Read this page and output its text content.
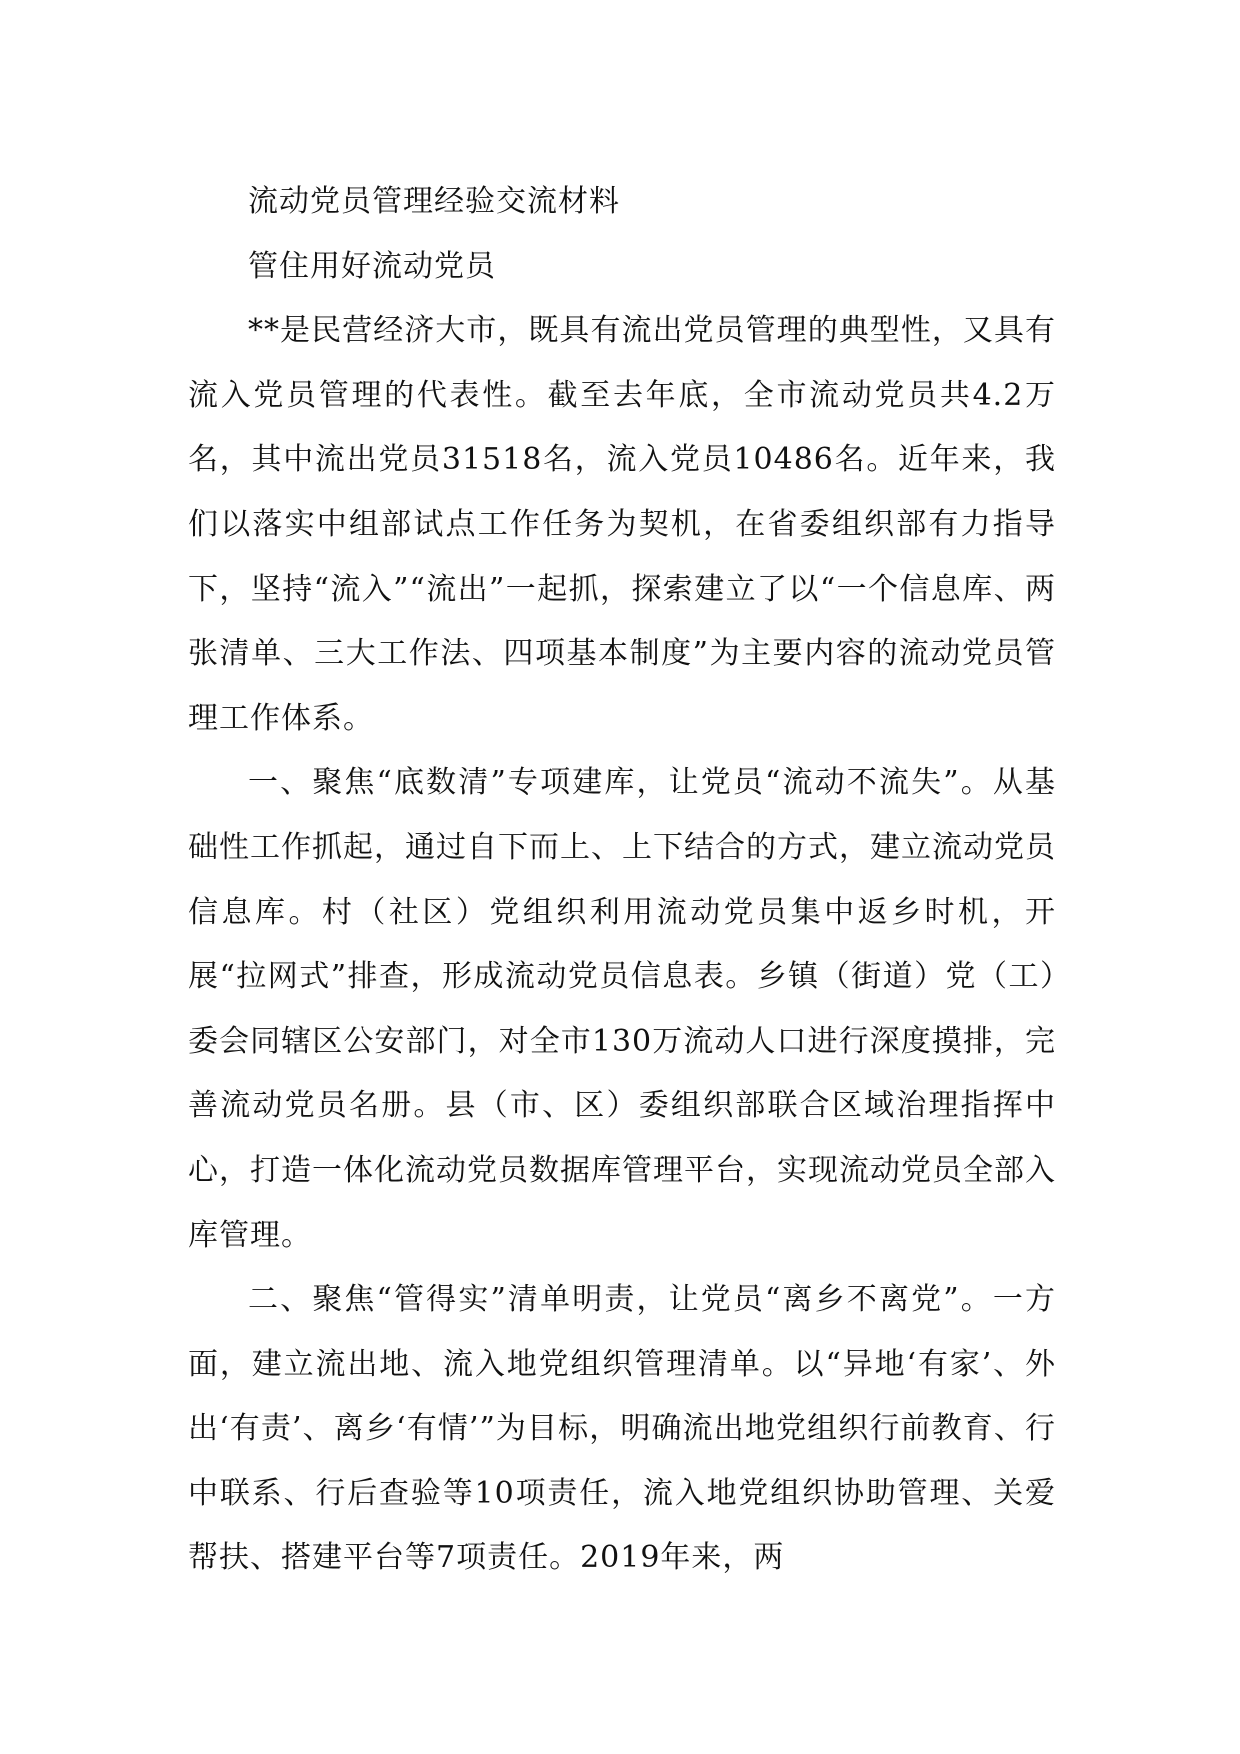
流动党员管理经验交流材料

管住用好流动党员

**是民营经济大市，既具有流出党员管理的典型性，又具有流入党员管理的代表性。截至去年底，全市流动党员共4.2万名，其中流出党员31518名，流入党员10486名。近年来，我们以落实中组部试点工作任务为契机，在省委组织部有力指导下，坚持“流入”“流出”一起抓，探索建立了以“一个信息库、两张清单、三大工作法、四项基本制度”为主要内容的流动党员管理工作体系。

一、聚焦“底数清”专项建库，让党员“流动不流失”。从基础性工作抓起，通过自下而上、上下结合的方式，建立流动党员信息库。村（社区）党组织利用流动党员集中返乡时机，开展“拉网式”排查，形成流动党员信息表。乡镇（街道）党（工）委会同辖区公安部门，对全市130万流动人口进行深度摸排，完善流动党员名册。县（市、区）委组织部联合区域治理指挥中心，打造一体化流动党员数据库管理平台，实现流动党员全部入库管理。

二、聚焦“管得实”清单明责，让党员“离乡不离党”。一方面，建立流出地、流入地党组织管理清单。以“异地‘有家’、外出‘有责’、离乡‘有情’”为目标，明确流出地党组织行前教育、行中联系、行后查验等10项责任，流入地党组织协助管理、关爱帮扶、搭建平台等7项责任。2019年来，两
